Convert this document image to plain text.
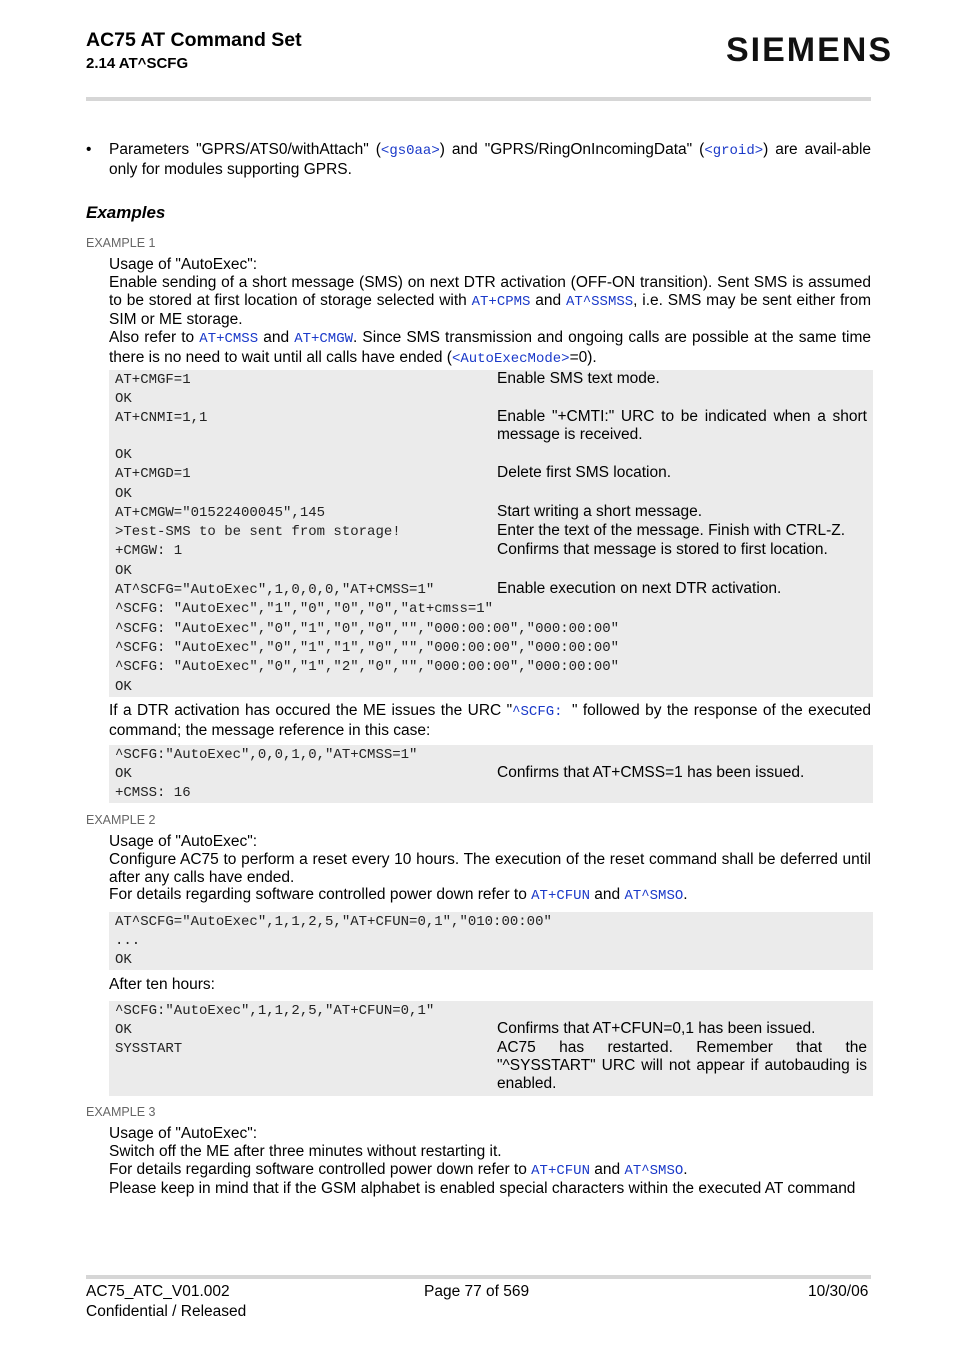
AC75 AT Command Set
2.14 AT^SCFG	SIEMENS
• Parameters "GPRS/ATS0/withAttach" (<gs0aa>) and "GPRS/RingOnIncomingData" (<groid>) are avail-able only for modules supporting GPRS.
Examples
EXAMPLE 1
Usage of "AutoExec":
Enable sending of a short message (SMS) on next DTR activation (OFF-ON transition). Sent SMS is assumed to be stored at first location of storage selected with AT+CPMS and AT^SSMSS, i.e. SMS may be sent either from SIM or ME storage.
Also refer to AT+CMSS and AT+CMGW. Since SMS transmission and ongoing calls are possible at the same time there is no need to wait until all calls have ended (<AutoExecMode>=0).
AT+CMGF=1	Enable SMS text mode.
OK
AT+CNMI=1,1	Enable "+CMTI:" URC to be indicated when a short message is received.
OK
AT+CMGD=1	Delete first SMS location.
OK
AT+CMGW="01522400045",145	Start writing a short message.
>Test-SMS to be sent from storage!	Enter the text of the message. Finish with CTRL-Z.
+CMGW: 1	Confirms that message is stored to first location.
OK
AT^SCFG="AutoExec",1,0,0,0,"AT+CMSS=1"	Enable execution on next DTR activation.
^SCFG: "AutoExec","1","0","0","0","at+cmss=1"
^SCFG: "AutoExec","0","1","0","0","","000:00:00","000:00:00"
^SCFG: "AutoExec","0","1","1","0","","000:00:00","000:00:00"
^SCFG: "AutoExec","0","1","2","0","","000:00:00","000:00:00"
OK
If a DTR activation has occured the ME issues the URC "^SCFG: " followed by the response of the executed command; the message reference in this case:
^SCFG:"AutoExec",0,0,1,0,"AT+CMSS=1"
OK	Confirms that AT+CMSS=1 has been issued.
+CMSS: 16
EXAMPLE 2
Usage of "AutoExec":
Configure AC75 to perform a reset every 10 hours. The execution of the reset command shall be deferred until after any calls have ended.
For details regarding software controlled power down refer to AT+CFUN and AT^SMSO.
AT^SCFG="AutoExec",1,1,2,5,"AT+CFUN=0,1","010:00:00"
...
OK
After ten hours:
^SCFG:"AutoExec",1,1,2,5,"AT+CFUN=0,1"
OK	Confirms that AT+CFUN=0,1 has been issued.
SYSSTART	AC75 has restarted. Remember that the "^SYSSTART" URC will not appear if autobauding is enabled.
EXAMPLE 3
Usage of "AutoExec":
Switch off the ME after three minutes without restarting it.
For details regarding software controlled power down refer to AT+CFUN and AT^SMSO.
Please keep in mind that if the GSM alphabet is enabled special characters within the executed AT command
AC75_ATC_V01.002
Confidential / Released
Page 77 of 569	10/30/06
